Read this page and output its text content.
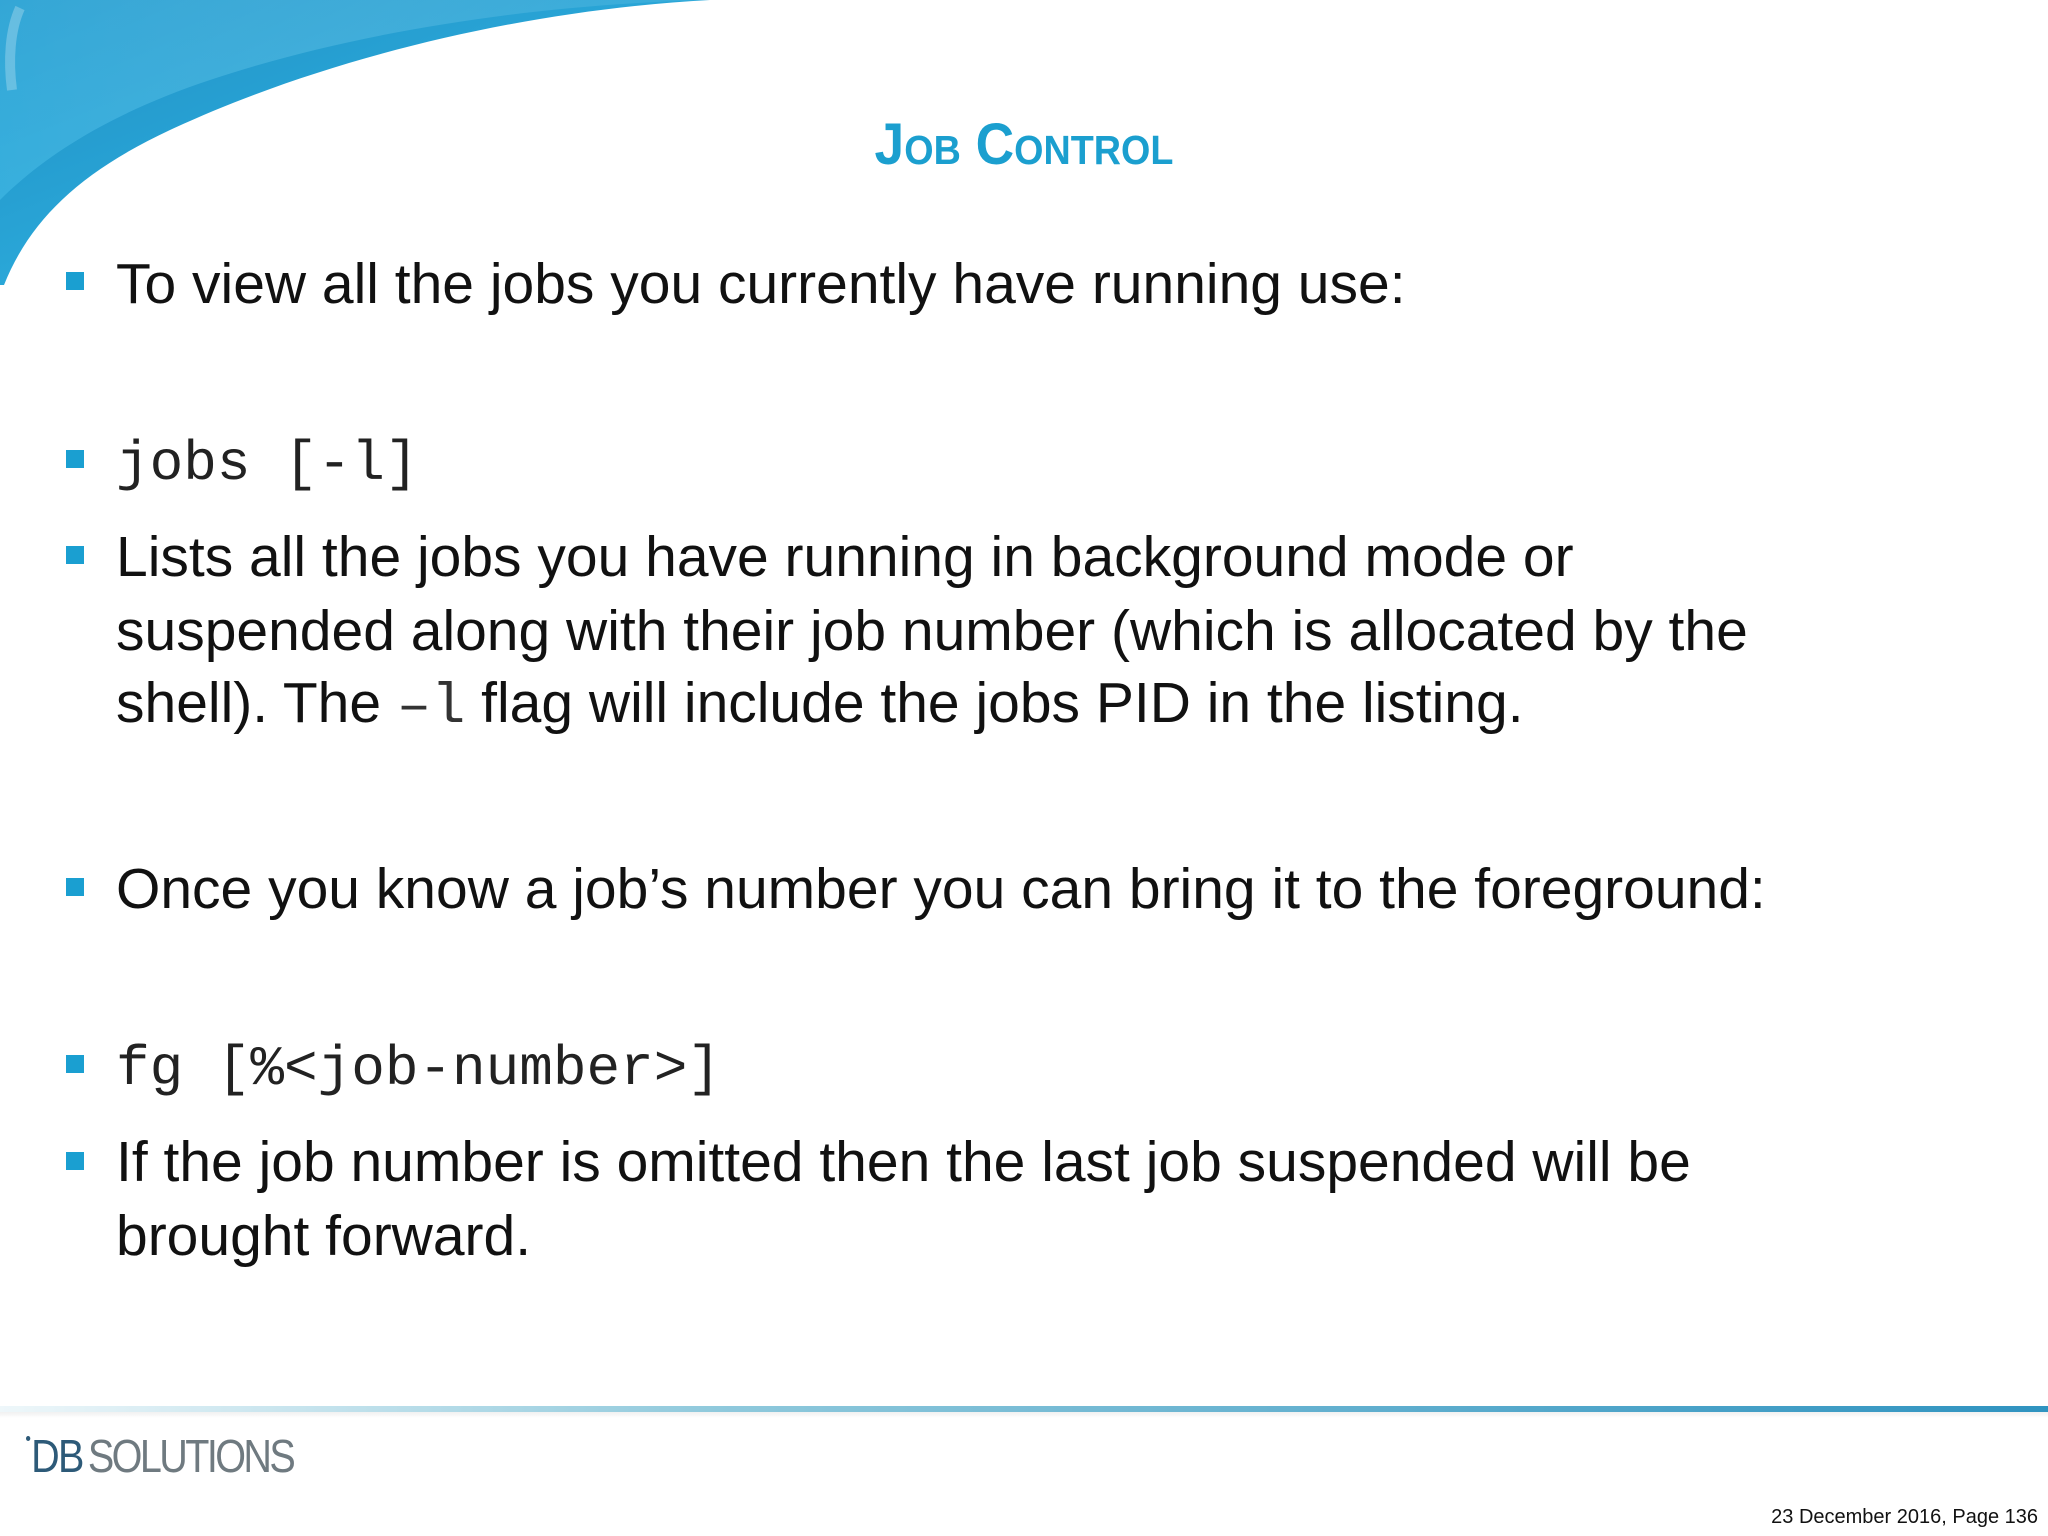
Job Control
To view all the jobs you currently have running use:
jobs [-l]
Lists all the jobs you have running in background mode or
suspended along with their job number (which is allocated by the
shell). The –l flag will include the jobs PID in the listing.
Once you know a job’s number you can bring it to the foreground:
fg [%<job-number>]
If the job number is omitted then the last job suspended will be
brought forward.
DB SOLUTIONS
23 December 2016, Page 136
